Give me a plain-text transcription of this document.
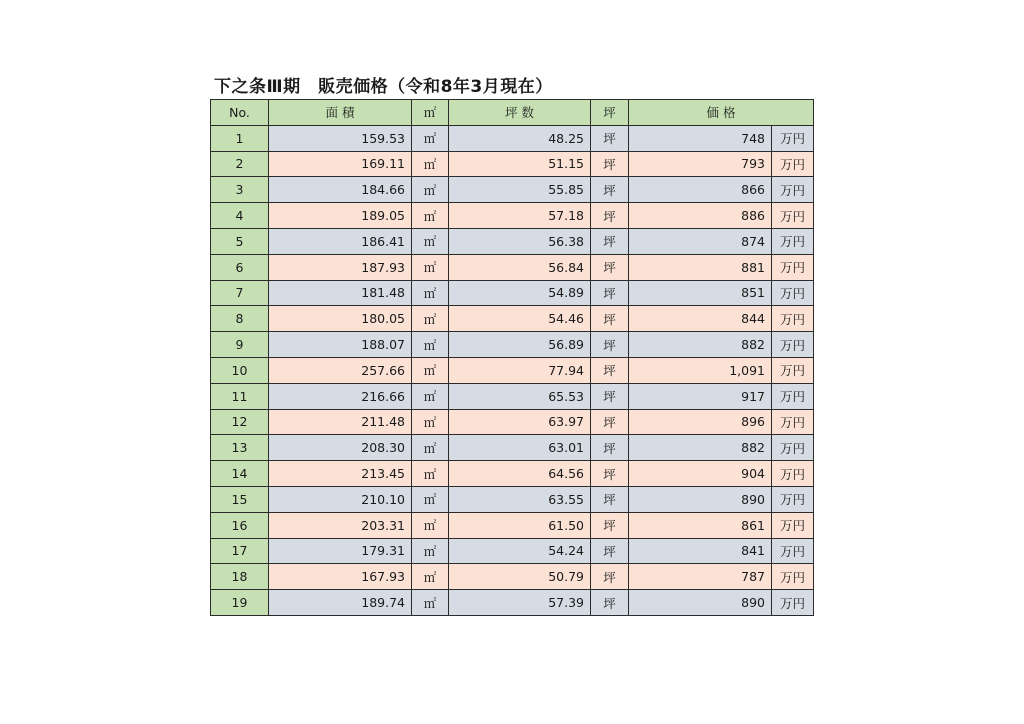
下之条Ⅲ期　販売価格（令和8年3月現在）
No.	面 積	㎡	坪 数	坪	価 格	
1	159.53	㎡	48.25	坪	748	万円
2	169.11	㎡	51.15	坪	793	万円
3	184.66	㎡	55.85	坪	866	万円
4	189.05	㎡	57.18	坪	886	万円
5	186.41	㎡	56.38	坪	874	万円
6	187.93	㎡	56.84	坪	881	万円
7	181.48	㎡	54.89	坪	851	万円
8	180.05	㎡	54.46	坪	844	万円
9	188.07	㎡	56.89	坪	882	万円
10	257.66	㎡	77.94	坪	1,091	万円
11	216.66	㎡	65.53	坪	917	万円
12	211.48	㎡	63.97	坪	896	万円
13	208.30	㎡	63.01	坪	882	万円
14	213.45	㎡	64.56	坪	904	万円
15	210.10	㎡	63.55	坪	890	万円
16	203.31	㎡	61.50	坪	861	万円
17	179.31	㎡	54.24	坪	841	万円
18	167.93	㎡	50.79	坪	787	万円
19	189.74	㎡	57.39	坪	890	万円
